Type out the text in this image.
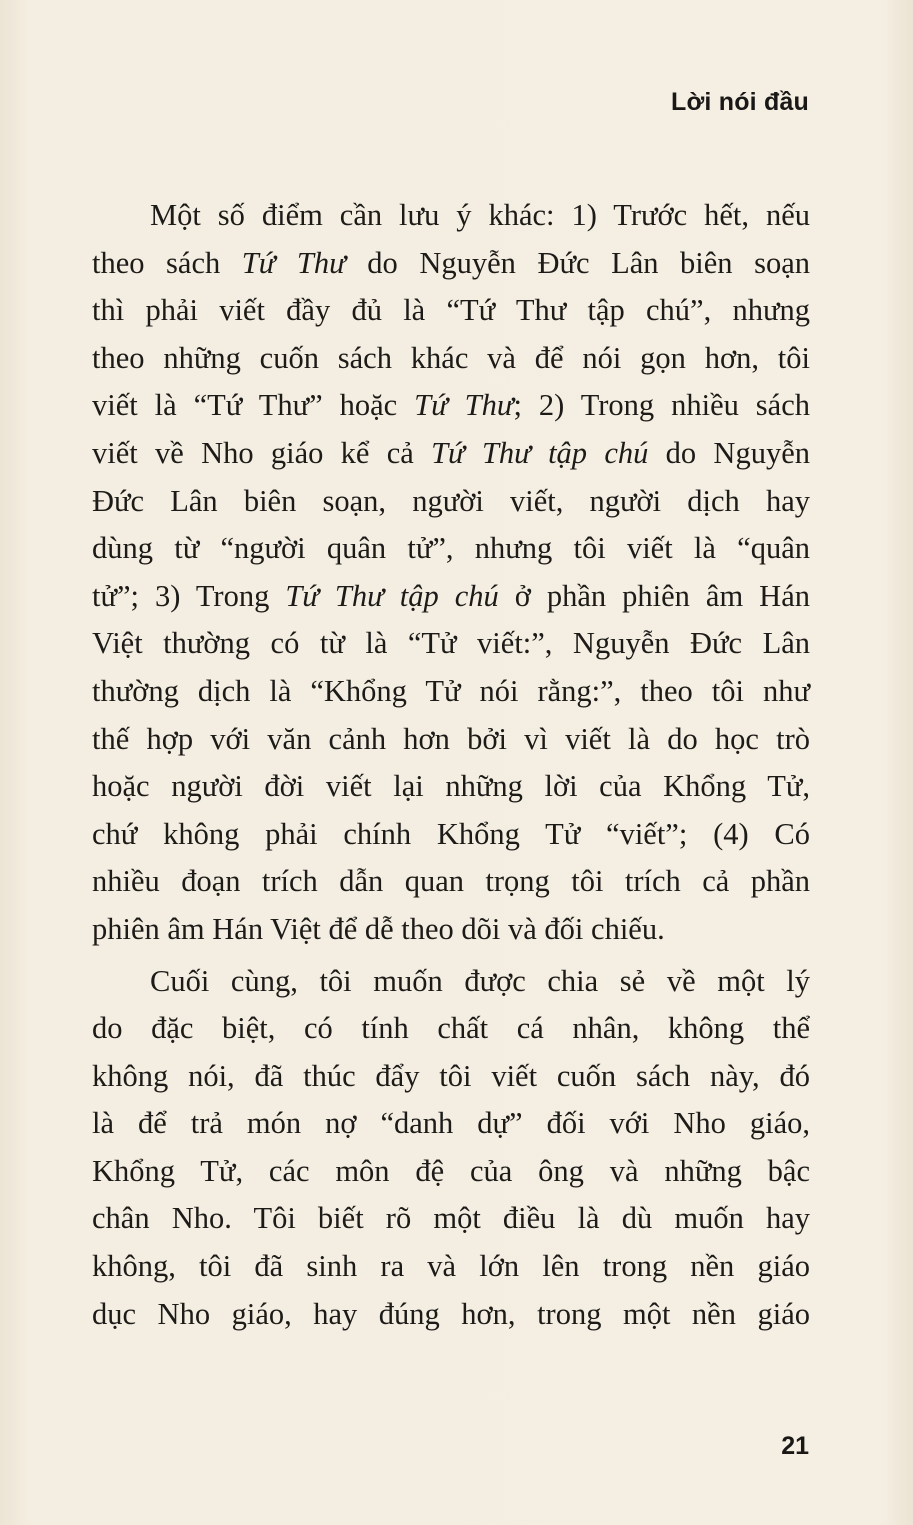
Lời nói đầu
Một số điểm cần lưu ý khác: 1) Trước hết, nếu
theo sách Tứ Thư do Nguyễn Đức Lân biên soạn
thì phải viết đầy đủ là “Tứ Thư tập chú”, nhưng
theo những cuốn sách khác và để nói gọn hơn, tôi
viết là “Tứ Thư” hoặc Tứ Thư; 2) Trong nhiều sách
viết về Nho giáo kể cả Tứ Thư tập chú do Nguyễn
Đức Lân biên soạn, người viết, người dịch hay
dùng từ “người quân tử”, nhưng tôi viết là “quân
tử”; 3) Trong Tứ Thư tập chú ở phần phiên âm Hán
Việt thường có từ là “Tử viết:”, Nguyễn Đức Lân
thường dịch là “Khổng Tử nói rằng:”, theo tôi như
thế hợp với văn cảnh hơn bởi vì viết là do học trò
hoặc người đời viết lại những lời của Khổng Tử,
chứ không phải chính Khổng Tử “viết”; (4) Có
nhiều đoạn trích dẫn quan trọng tôi trích cả phần
phiên âm Hán Việt để dễ theo dõi và đối chiếu.
Cuối cùng, tôi muốn được chia sẻ về một lý
do đặc biệt, có tính chất cá nhân, không thể
không nói, đã thúc đẩy tôi viết cuốn sách này, đó
là để trả món nợ “danh dự” đối với Nho giáo,
Khổng Tử, các môn đệ của ông và những bậc
chân Nho. Tôi biết rõ một điều là dù muốn hay
không, tôi đã sinh ra và lớn lên trong nền giáo
dục Nho giáo, hay đúng hơn, trong một nền giáo
21
